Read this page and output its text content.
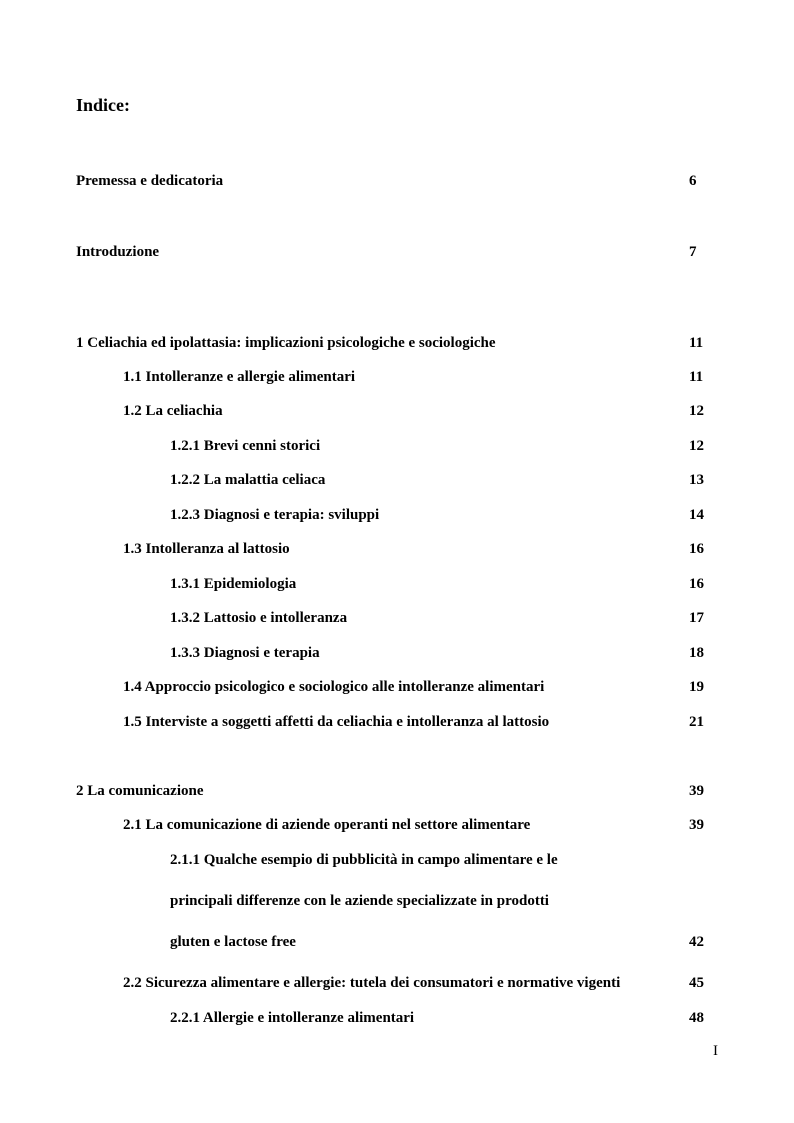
Indice:
Premessa e dedicatoria	6
Introduzione	7
1 Celiachia ed ipolattasia: implicazioni psicologiche e sociologiche	11
1.1 Intolleranze e allergie alimentari	11
1.2 La celiachia	12
1.2.1 Brevi cenni storici	12
1.2.2 La malattia celiaca	13
1.2.3 Diagnosi e terapia: sviluppi	14
1.3 Intolleranza al lattosio	16
1.3.1 Epidemiologia	16
1.3.2 Lattosio e intolleranza	17
1.3.3 Diagnosi e terapia	18
1.4 Approccio psicologico e sociologico alle intolleranze alimentari	19
1.5 Interviste a soggetti affetti da celiachia e intolleranza al lattosio	21
2 La comunicazione	39
2.1 La comunicazione di aziende operanti nel settore alimentare	39
2.1.1 Qualche esempio di pubblicità in campo alimentare e le
principali differenze con le aziende specializzate in prodotti
gluten e lactose free	42
2.2 Sicurezza alimentare e allergie: tutela dei consumatori e normative vigenti	45
2.2.1 Allergie e intolleranze alimentari	48
I
